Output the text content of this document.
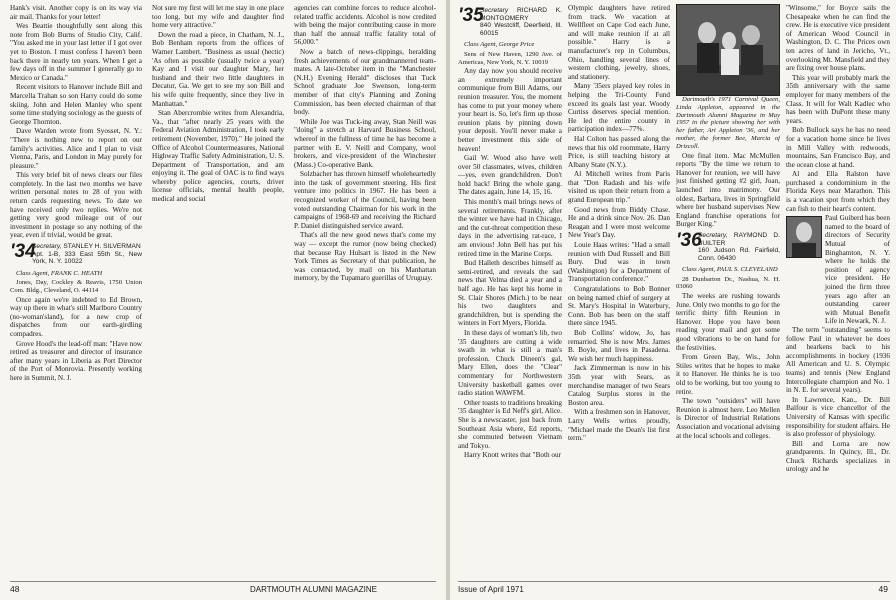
Hank's visit. Another copy is on its way via air mail. Thanks for your letter!

Wes Beattie thoughtfully sent along this note from Bob Burns of Studio City, Calif. "You asked me in your last letter if I got over yet to Boston. I must confess I haven't been back there in nearly ten years. When I get a few days off in the summer I generally go to Mexico or Canada."

Recent visitors to Hanover include Bill and Marcella Trahan so son Harry could do some skiing. John and Helen Manley who spent some time studying sociology as the guests of George Thornton.

Dave Warden wrote from Syosset, N. Y.: "There is nothing new to report on our family's activities. Alice and I plan to visit Vienna, Paris, and London in May purely for pleasure."

This very brief bit of news clears our files completely. In the last two months we have written personal notes to 28 of you with return cards requesting news. To date we have received only two replies. We're not getting very good mileage out of our investment in postage so any nothing of the year, even if trivial, would be great.

'34
Secretary, STANLEY H. SILVERMAN
Apt. 1-B, 333 East 55th St., New York, N. Y. 10022

Class Agent, FRANK C. HEATH

Jones, Day, Cockley & Reavis, 1750 Union Com. Bldg., Cleveland, O. 44114

Once again we're indebted to Ed Brown, way up there in what's still Marlboro Country (no-woman'sland), for a new crop of dispatches from our earth-girdling compadres.

Grove Hood's the lead-off man: "Have now retired as treasurer and director of insurance after many years in Liberia as Port Director of the Port of Monrovia. Presently working here in Summit, N. J.

Not sure my first will let me stay in one place too long, but my wife and daughter find home very attractive."

Down the road a piece, in Chatham, N. J., Bob Benham reports from the offices of Warner Lambert. "Business as usual (hectic) 'As often as possible (usually twice a year) Kay and I visit our daughter Mary, her husband and their two little daughters in Decatur, Ga. We get to see my son Bill and his wife quite frequently, since they live in Manhattan."

Stan Abercrombie writes from Alexandria, Va., that "after nearly 25 years with the Federal Aviation Administration, I took early retirement (November, 1970)." He joined the Office of Alcohol Countermeasures, National Highway Traffic Safety Administration, U. S. Department of Transportation, and am enjoying it. The goal of OAC is to find ways whereby police agencies, courts, driver license officials, mental health people, medical and social

agencies can combine forces to reduce alcohol-related traffic accidents. Alcohol is now credited with being the major contributing cause in more than half the annual traffic fatality total of 56,000."

Now a batch of news-clippings, heralding fresh achievements of our grandmannered team-mates. A late-October item in the "Manchester (N.H.) Evening Herald" discloses that Tuck School graduate Joe Swenson, long-term member of that city's Planning and Zoning Commission, has been elected chairman of that body.

While Joe was Tuck-ing away, Stan Neill was "doing" a stretch at Harvard Business School, whereof in the fullness of time he has become a partner with E. V. Neill and Company, wool brokers, and vice-president of the Winchester (Mass.) Co-operative Bank.

Solzbacher has thrown himself wholeheartedly into the task of government steering. His first venture into politics in 1967. He has been a recognized worker of the Council, having been voted outstanding Chairman for his work in the campaigns of 1968-69 and receiving the Richard P. Daniel distinguished service award.

That's all the new good news that's come my way — except the rumor (now being checked) that because Ray Hulsart is listed in the New York Times as Secretary of that publication, he was contacted, by mail on his Manhattan memory, by the Tupamaro guerillas of Uruguay.

48	DARTMOUTH ALUMNI MAGAZINE
'35
Secretary RICHARD K. MONTGOMERY
840 Westcliff, Deerfield, Ill. 60015

Class Agent, George Price

Sens of New Haven, 1290 Ave. of Americas, New York, N. Y. 10019

Any day now you should receive an extremely important communique from Bill Adams, our reunion treasurer. You, the moment has come to put your money where your heart is. So, let's firm up those reunion plans by pinning down your deposit. You'll never make a better investment this side of heaven!

Gail W. Wood also have well over 50 classmates, wives, children—yes, even grandchildren. Don't hold back! Bring the whole gang. The dates again, June 14, 15, 16.

This month's mail brings news of several retirements. Frankly, after the winter we have had in Chicago, and the cut-throat competition these days in the advertising rat-race, I am envious! John Bell has put his retired time in the Marine Corps.

Bud Halleth describes himself as semi-retired, and reveals the sad news that Velma died a year and a half ago. He has kept his home in St. Clair Shores (Mich.) to be near his two daughters and grandchildren, but is spending the winters in Fort Myers, Florida.

In these days of woman's lib, two '35 daughters are cutting a wide swath in what is still a man's profession. Chuck Dineen's gal, Mary Ellen, does the "Clear" commentary for Northwestern University basketball games over radio station WAWFM.

Other toasts to traditions breaking '35 daughter is Ed Neff's girl, Alice. She is a newscaster, just back from Southeast Asia where, Ed reports, she commuted between Vietnam and Tokyo.

Harry Knott writes that "Both our

Olympic daughters have retired from track. We vacation at Wellfleet on Cape Cod each June, and will make reunion if at all possible." Harry is a manufacturer's rep in Columbus, Ohio, handling several lines of western clothing, jewelry, shoes, and stationery.

Many '35ers played key roles in helping the Tri-County Fund exceed its goals last year. Woody Curtiss deserves special mention. He led the entire county in participation index—77%.

Hal Colton has passed along the news that his old roommate, Harry Price, is still teaching history at Albany State (N.Y.).

Al Mitchell writes from Paris that "Don Radash and his wife visited us upon their return from a grand European trip."

Good news from Biddy Chase. He and a drink since Nov. 26. Dan Reagan and I were most welcome New Year's Day.

Louie Haas writes: "Had a small reunion with Dud Russell and Bill Bury. Dud was in town (Washington) for a Department of Transportation conference."

Congratulations to Bob Bonner on being named chief of surgery at St. Mary's Hospital in Waterbury, Conn. Bob has been on the staff there since 1945.

Bob Collins' widow, Jo, has remarried. She is now Mrs. James B. Boyle, and lives in Pasadena. We wish her much happiness.

Jack Zimmerman is now in his 35th year with Sears, as merchandise manager of two Sears Catalog Surplus stores in the Boston area.

With a freshmen son in Hanover, Larry Wells writes proudly, "Michael made the Dean's list first term."

Dartmouth's 1971 Carnival Queen, Linda Appleton, appeared in the Dartmouth Alumni Magazine in May 1957 in the picture showing her with her father, Art Appleton '36, and her mother, the former Bee, Marcia of Drizcoll.

One final item. Mac McMullen reports "By the time we return to Hanover for reunion, we will have just finished getting #2 girl, Joan, launched into matrimony. Our oldest, Barbara, lives in Springfield where her husband supervises New England franchise operations for Burger King."

'36
Secretary, RAYMOND D. BUILTER
160 Judson Rd. Fairfield, Conn. 06430

Class Agent, PAUL S. CLEVELAND

28 Dunbarton Dr., Nashua, N. H. 03060

The weeks are rushing towards June. Only two months to go for the terrific thirty fifth Reunion in Hanover. Hope you have been reading your mail and got some good vibrations to be on hand for the festivities.

From Green Bay, Wis., John Stiles writes that he hopes to make it to Hanover. He thinks he is too old to be working, but too young to retire.

The town "outsiders" will have Reunion is almost here. Leo Mellen is Director of Industrial Relations Association and vocational advising at the local schools and colleges.

"Winsome," for Boyce sails the Chesapeake when he can find the crew. He is executive vice president of American Wood Council in Washington, D. C. The Prices own ten acres of land in Jericho, Vt., overlooking Mt. Mansfield and they are fixing over house plans.

This year will probably mark the 35th anniversary with the same employer for many members of the Class. It will for Walt Kadlec who has been with DuPont these many years.

Bob Bullock says he has no need for a vacation home since he lives in Mill Valley with redwoods, mountains, San Francisco Bay, and the ocean close at hand.

Al and Ella Ralston have purchased a condominium in the Florida Keys near Marathon. This is a vacation spot from which they can fish to their heart's content.

Paul Guiberd has been named to the board of directors of Security Mutual of Binghamton, N. Y. where he holds the position of agency vice president. He joined the firm three years ago after an outstanding career with Mutual Benefit Life in Newark, N. J.

The term "outstanding" seems to follow Paul in whatever he does and hearkens back to his accomplishments in hockey (1936 All American and U. S. Olympic teams) and tennis (New England Intercollegiate champion and No. 1 in N. E. for several years).

In Lawrence, Kan., Dr. Bill Balfour is vice chancellor of the University of Kansas with specific responsibility for student affairs. He is also professor of physiology.

Bill and Lorna are now grandparents. In Quincy, Ill., Dr. Chuck Richards specializes in urology and he

Issue of April 1971	49
